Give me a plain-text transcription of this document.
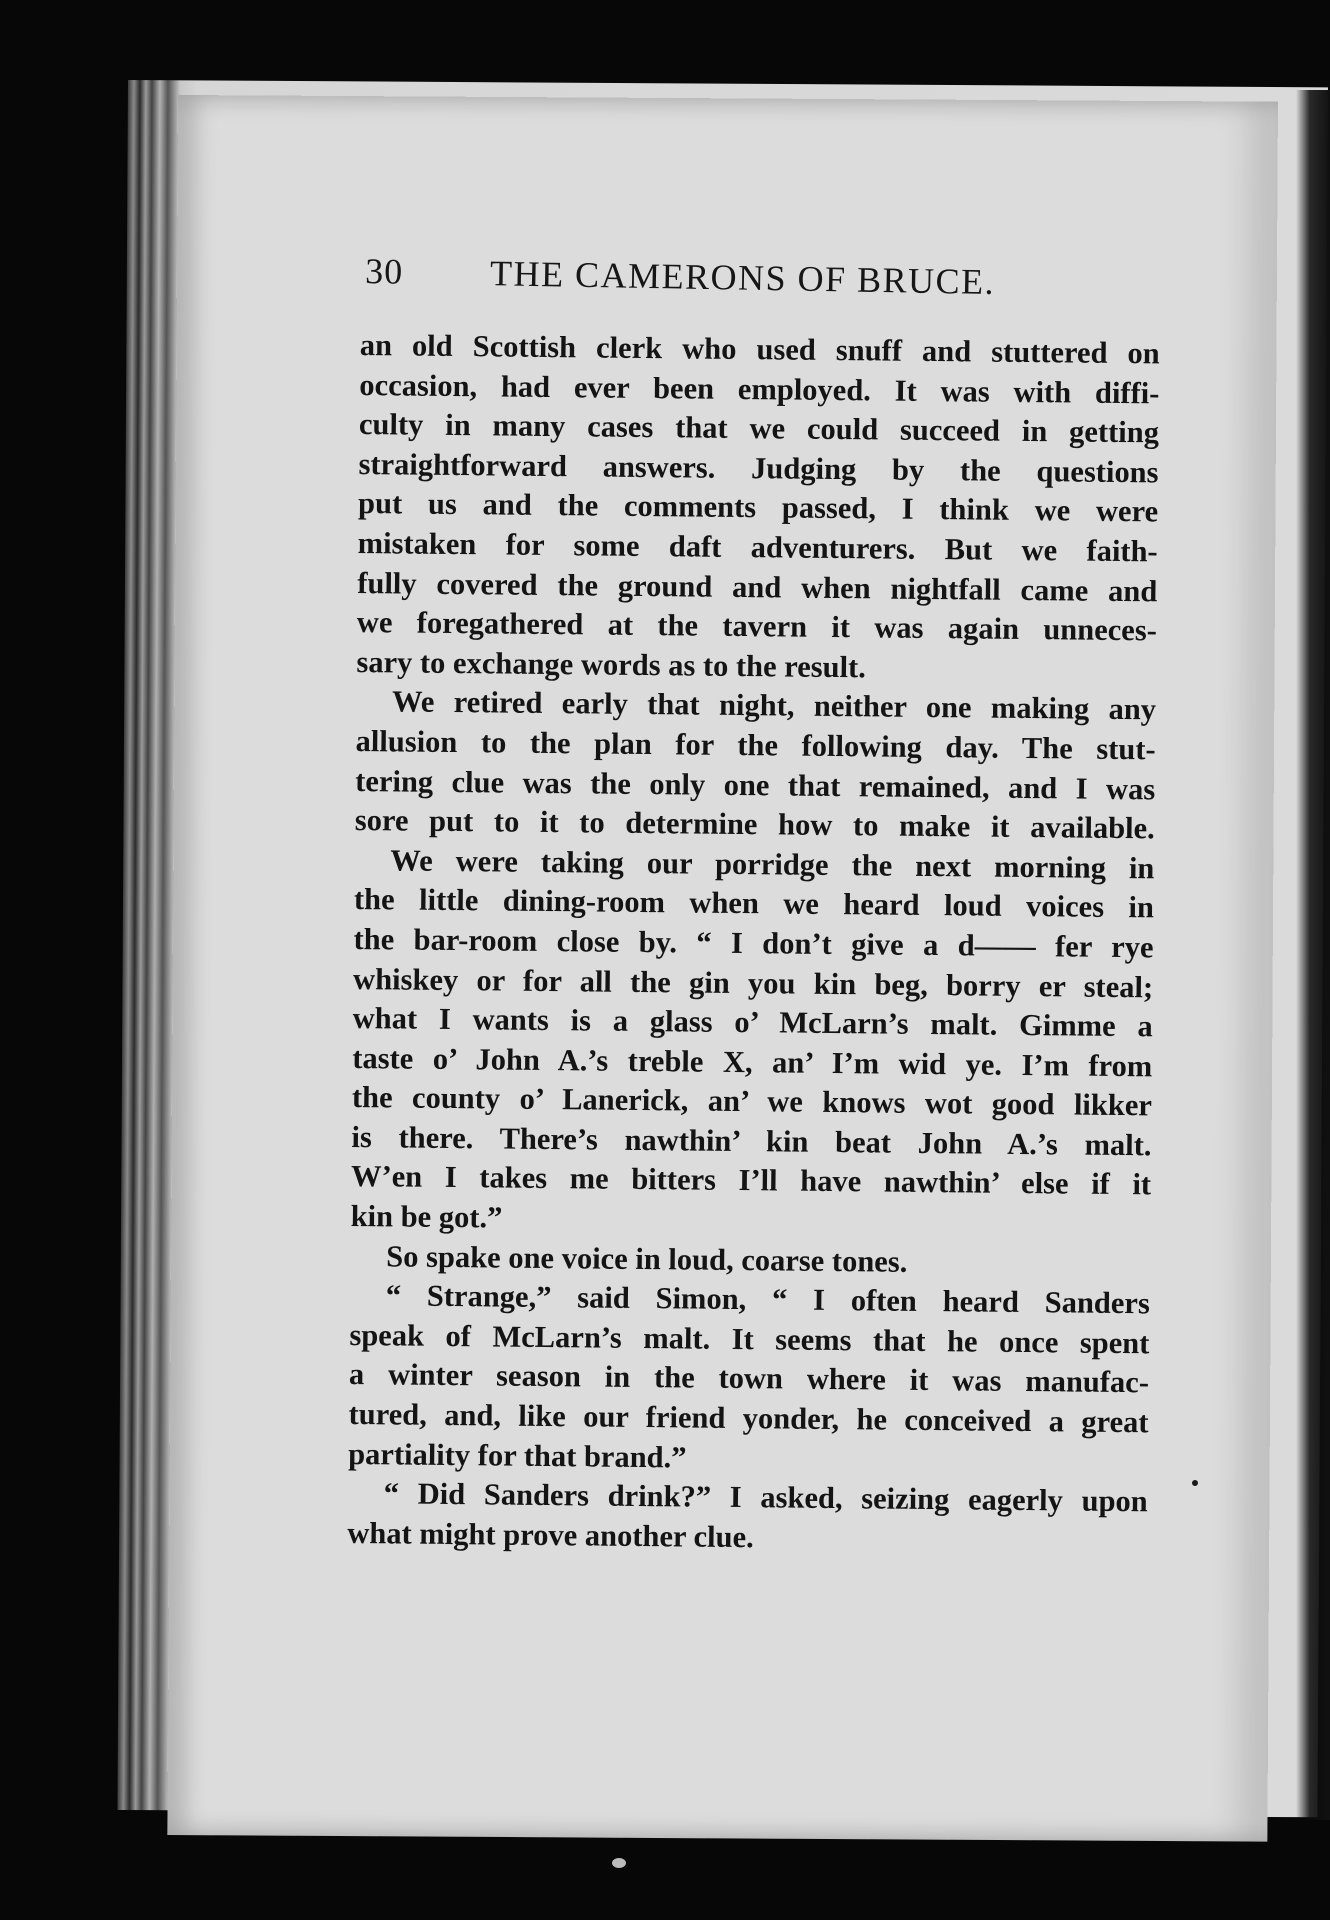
30 THE CAMERONS OF BRUCE.
an old Scottish clerk who used snuff and stuttered on
occasion, had ever been employed. It was with diffi-
culty in many cases that we could succeed in getting
straightforward answers. Judging by the questions
put us and the comments passed, I think we were
mistaken for some daft adventurers. But we faith-
fully covered the ground and when nightfall came and
we foregathered at the tavern it was again unneces-
sary to exchange words as to the result.
We retired early that night, neither one making any
allusion to the plan for the following day. The stut-
tering clue was the only one that remained, and I was
sore put to it to determine how to make it available.
We were taking our porridge the next morning in
the little dining-room when we heard loud voices in
the bar-room close by. “ I don’t give a d—— fer rye
whiskey or for all the gin you kin beg, borry er steal;
what I wants is a glass o’ McLarn’s malt. Gimme a
taste o’ John A.’s treble X, an’ I’m wid ye. I’m from
the county o’ Lanerick, an’ we knows wot good likker
is there. There’s nawthin’ kin beat John A.’s malt.
W’en I takes me bitters I’ll have nawthin’ else if it
kin be got.”
So spake one voice in loud, coarse tones.
“ Strange,” said Simon, “ I often heard Sanders
speak of McLarn’s malt. It seems that he once spent
a winter season in the town where it was manufac-
tured, and, like our friend yonder, he conceived a great
partiality for that brand.”
“ Did Sanders drink?” I asked, seizing eagerly upon
what might prove another clue.
